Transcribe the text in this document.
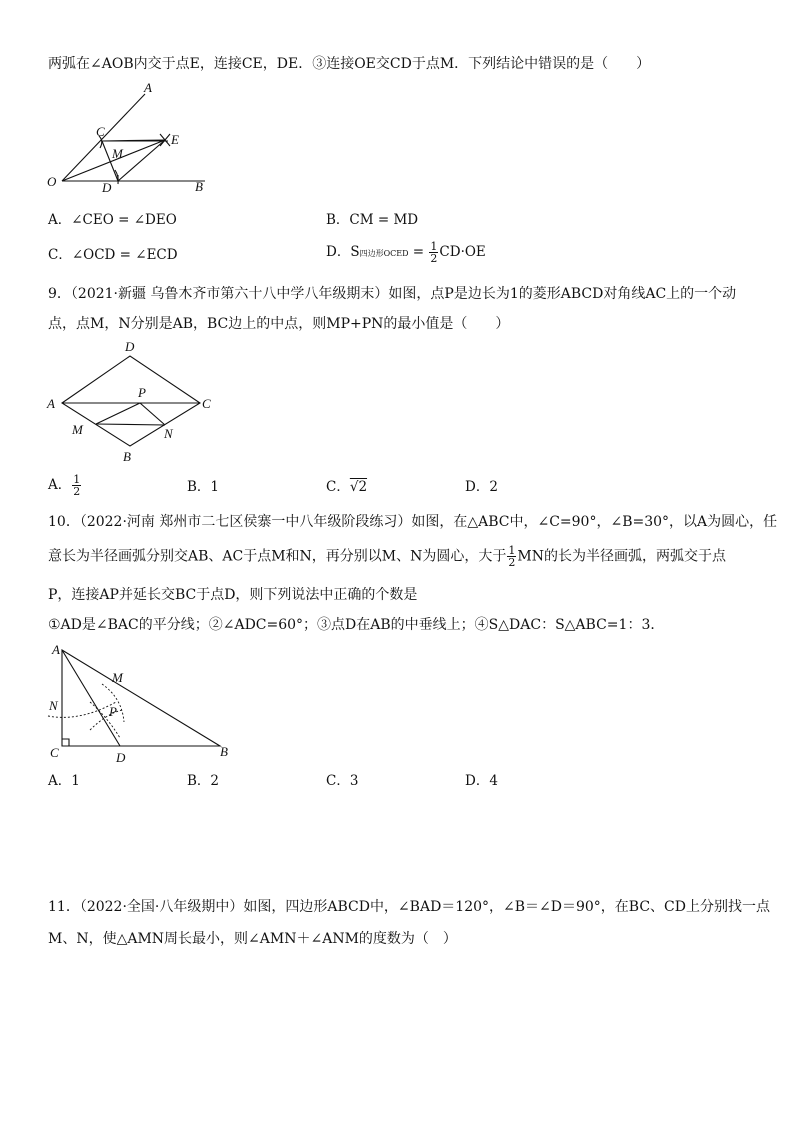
两弧在∠AOB内交于点E，连接CE，DE．③连接OE交CD于点M．下列结论中错误的是（　　）
A
C
E
M
O	D	B
A．∠CEO = ∠DEO	B．CM = MD
C．∠OCD = ∠ECD	D．S四边形OCED = $\frac{1}{2} CD\cdot OE$
9．（2021·新疆 乌鲁木齐市第六十八中学八年级期末）如图，点P是边长为1的菱形ABCD对角线AC上的一个动
点，点M，N分别是AB，BC边上的中点，则MP+PN的最小值是（　　）
D
A
P
C
M	N
B
A． $\frac{1}{2}$	B．1	C．√2	D．2
10．（2022·河南 郑州市二七区侯寨一中八年级阶段练习）如图，在△ABC中，∠C=90°，∠B=30°，以A为圆心，任
意长为半径画弧分别交AB、AC于点M和N，再分别以M、N为圆心，大于 $\frac{1}{2}$ MN的长为半径画弧，两弧交于点
P，连接AP并延长交BC于点D，则下列说法中正确的个数是
①AD是∠BAC的平分线；②∠ADC=60°；③点D在AB的中垂线上；④S△DAC：S△ABC=1：3．
A
M
N	P
C	D	B
A．1	B．2	C．3	D．4
11．（2022·全国·八年级期中）如图，四边形ABCD中，∠BAD＝120°，∠B＝∠D＝90°，在BC、CD上分别找一点
M、N，使△AMN周长最小，则∠AMN＋∠ANM的度数为（　）
